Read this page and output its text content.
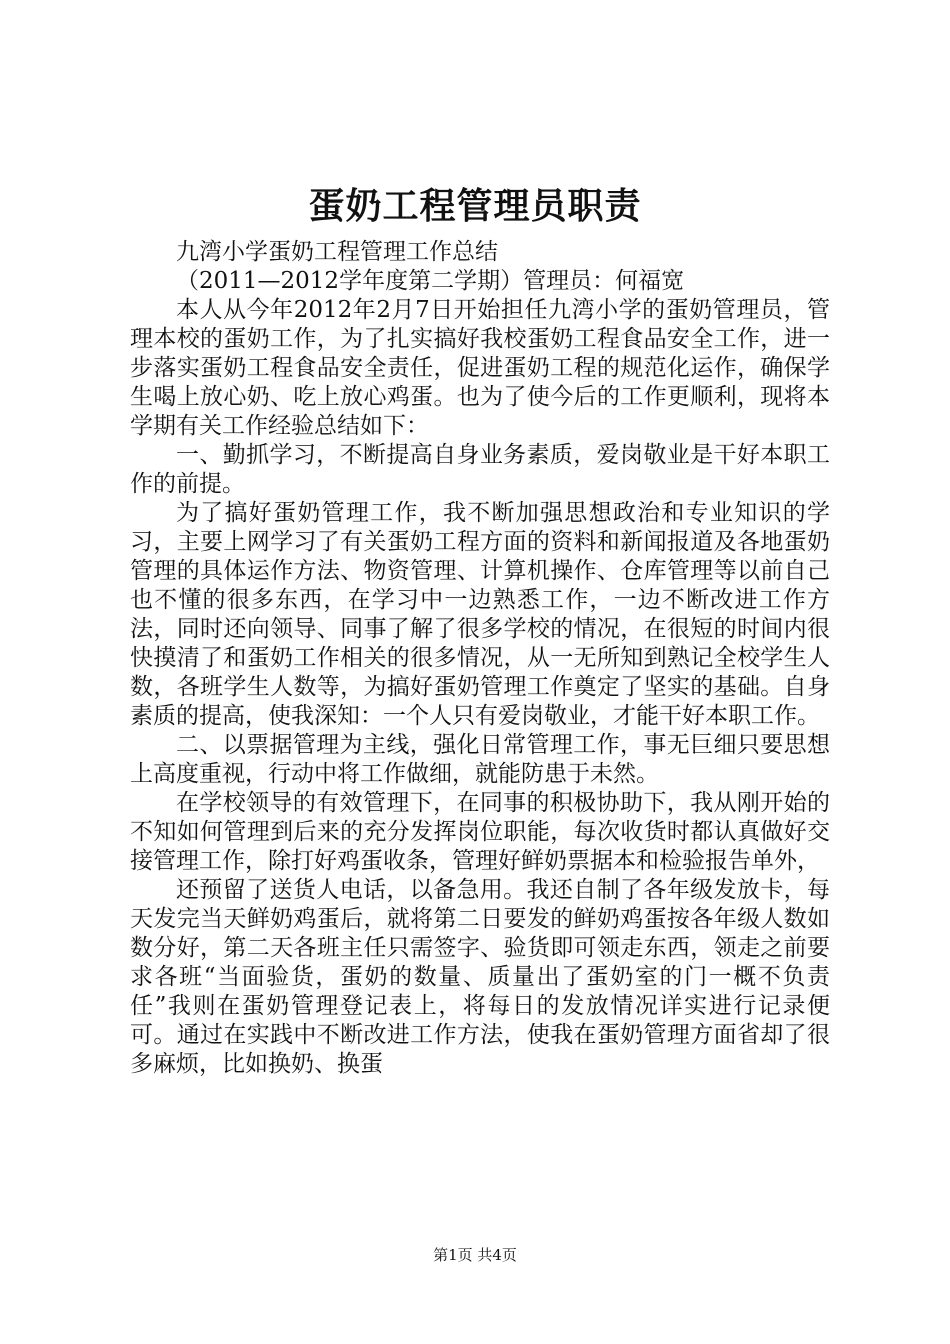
蛋奶工程管理员职责

九湾小学蛋奶工程管理工作总结

（2011—2012学年度第二学期）管理员：何福宽

本人从今年2012年2月7日开始担任九湾小学的蛋奶管理员，管理本校的蛋奶工作，为了扎实搞好我校蛋奶工程食品安全工作，进一步落实蛋奶工程食品安全责任，促进蛋奶工程的规范化运作，确保学生喝上放心奶、吃上放心鸡蛋。也为了使今后的工作更顺利，现将本学期有关工作经验总结如下：

一、勤抓学习，不断提高自身业务素质，爱岗敬业是干好本职工作的前提。

为了搞好蛋奶管理工作，我不断加强思想政治和专业知识的学习，主要上网学习了有关蛋奶工程方面的资料和新闻报道及各地蛋奶管理的具体运作方法、物资管理、计算机操作、仓库管理等以前自己也不懂的很多东西，在学习中一边熟悉工作，一边不断改进工作方法，同时还向领导、同事了解了很多学校的情况，在很短的时间内很快摸清了和蛋奶工作相关的很多情况，从一无所知到熟记全校学生人数，各班学生人数等，为搞好蛋奶管理工作奠定了坚实的基础。自身素质的提高，使我深知：一个人只有爱岗敬业，才能干好本职工作。

二、以票据管理为主线，强化日常管理工作，事无巨细只要思想上高度重视，行动中将工作做细，就能防患于未然。

在学校领导的有效管理下，在同事的积极协助下，我从刚开始的不知如何管理到后来的充分发挥岗位职能，每次收货时都认真做好交接管理工作，除打好鸡蛋收条，管理好鲜奶票据本和检验报告单外，

还预留了送货人电话，以备急用。我还自制了各年级发放卡，每天发完当天鲜奶鸡蛋后，就将第二日要发的鲜奶鸡蛋按各年级人数如数分好，第二天各班主任只需签字、验货即可领走东西，领走之前要求各班“当面验货，蛋奶的数量、质量出了蛋奶室的门一概不负责任”我则在蛋奶管理登记表上，将每日的发放情况详实进行记录便可。通过在实践中不断改进工作方法，使我在蛋奶管理方面省却了很多麻烦，比如换奶、换蛋

第1页 共4页
